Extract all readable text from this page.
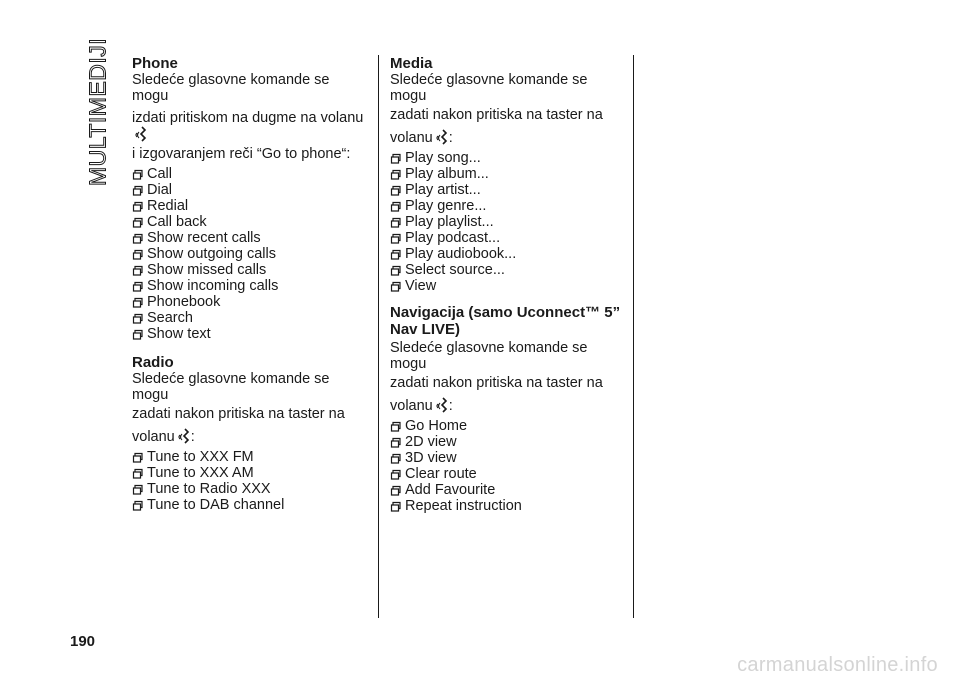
MULTIMEDIJI Phone
Sledeće glasovne komande se mogu
izdati pritiskom na dugme na volanu
i izgovaranjem reči “Go to phone“:
Call
Dial
Redial
Call back
Show recent calls
Show outgoing calls
Show missed calls
Show incoming calls
Phonebook
Search
Show text
Radio
Sledeće glasovne komande se mogu
zadati nakon pritiska na taster na
volanu :
Tune to XXX FM
Tune to XXX AM
Tune to Radio XXX
Tune to DAB channel
Media
Sledeće glasovne komande se mogu
zadati nakon pritiska na taster na
volanu :
Play song...
Play album...
Play artist...
Play genre...
Play playlist...
Play podcast...
Play audiobook...
Select source...
View
Navigacija (samo Uconnect™ 5”
Nav LIVE)
Sledeće glasovne komande se mogu
zadati nakon pritiska na taster na
volanu :
Go Home
2D view
3D view
Clear route
Add Favourite
Repeat instruction
190
carmanualsonline.info
